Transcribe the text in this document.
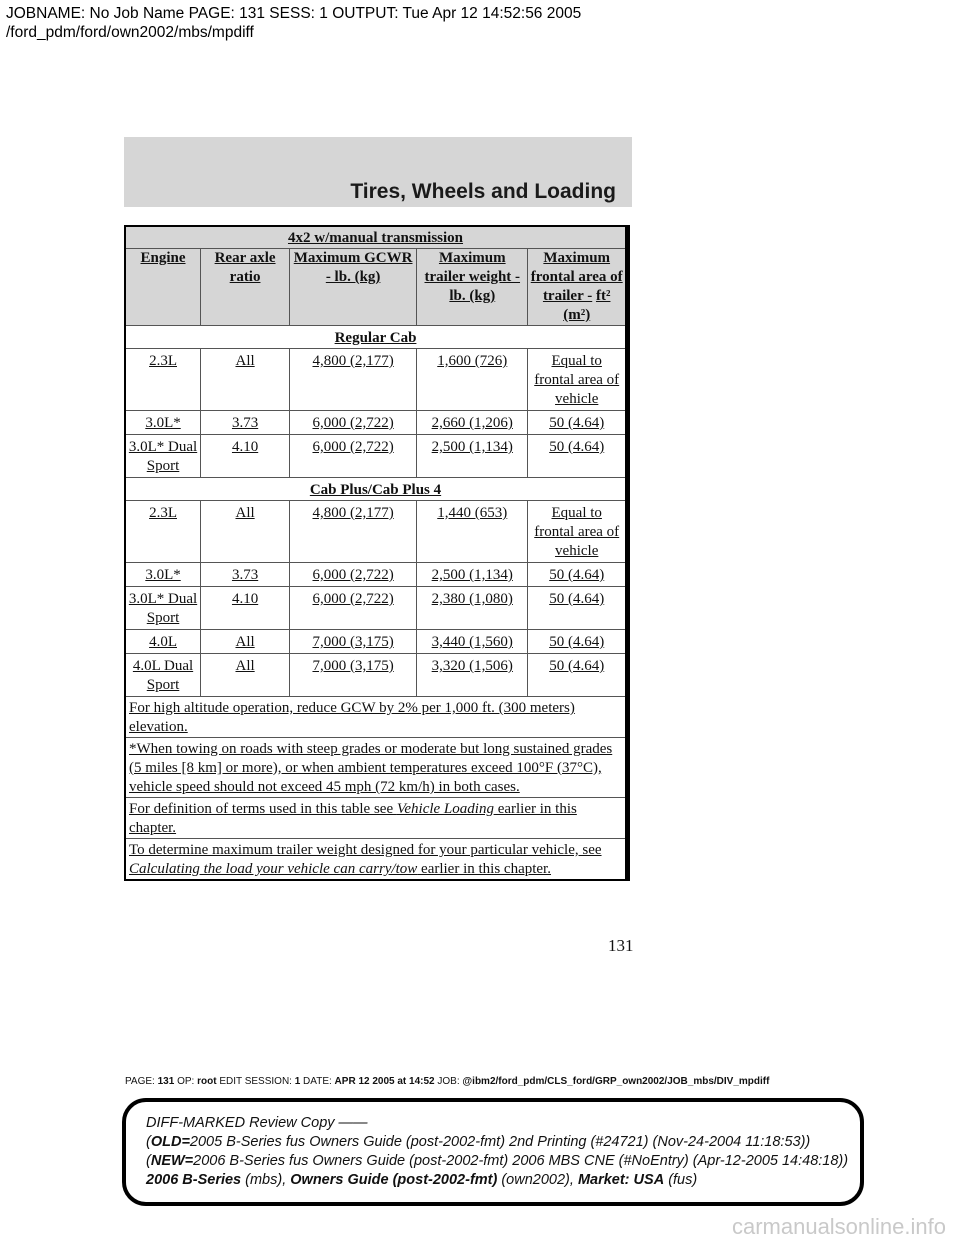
JOBNAME: No Job Name PAGE: 131 SESS: 1 OUTPUT: Tue Apr 12 14:52:56 2005
/ford_pdm/ford/own2002/mbs/mpdiff
Tires, Wheels and Loading
4x2 w/manual transmission				
Engine	Rear axle ratio	Maximum GCWR - lb. (kg)	Maximum trailer weight - lb. (kg)	Maximum frontal area of trailer - ft² (m²)
Regular Cab				
2.3L	All	4,800 (2,177)	1,600 (726)	Equal to frontal area of vehicle
3.0L*	3.73	6,000 (2,722)	2,660 (1,206)	50 (4.64)
3.0L* Dual Sport	4.10	6,000 (2,722)	2,500 (1,134)	50 (4.64)
Cab Plus/Cab Plus 4				
2.3L	All	4,800 (2,177)	1,440 (653)	Equal to frontal area of vehicle
3.0L*	3.73	6,000 (2,722)	2,500 (1,134)	50 (4.64)
3.0L* Dual Sport	4.10	6,000 (2,722)	2,380 (1,080)	50 (4.64)
4.0L	All	7,000 (3,175)	3,440 (1,560)	50 (4.64)
4.0L Dual Sport	All	7,000 (3,175)	3,320 (1,506)	50 (4.64)
For high altitude operation, reduce GCW by 2% per 1,000 ft. (300 meters) elevation.				
*When towing on roads with steep grades or moderate but long sustained grades (5 miles [8 km] or more), or when ambient temperatures exceed 100°F (37°C), vehicle speed should not exceed 45 mph (72 km/h) in both cases.				
For definition of terms used in this table see Vehicle Loading earlier in this chapter.				
To determine maximum trailer weight designed for your particular vehicle, see Calculating the load your vehicle can carry/tow earlier in this chapter.				
131
PAGE: 131 OP: root EDIT SESSION: 1 DATE: APR 12 2005 at 14:52 JOB: @ibm2/ford_pdm/CLS_ford/GRP_own2002/JOB_mbs/DIV_mpdiff
DIFF-MARKED Review Copy ——
(OLD=2005 B-Series fus Owners Guide (post-2002-fmt) 2nd Printing (#24721) (Nov-24-2004 11:18:53))
(NEW=2006 B-Series fus Owners Guide (post-2002-fmt) 2006 MBS CNE (#NoEntry) (Apr-12-2005 14:48:18))
2006 B-Series (mbs), Owners Guide (post-2002-fmt) (own2002), Market: USA (fus)
carmanualsonline.info
